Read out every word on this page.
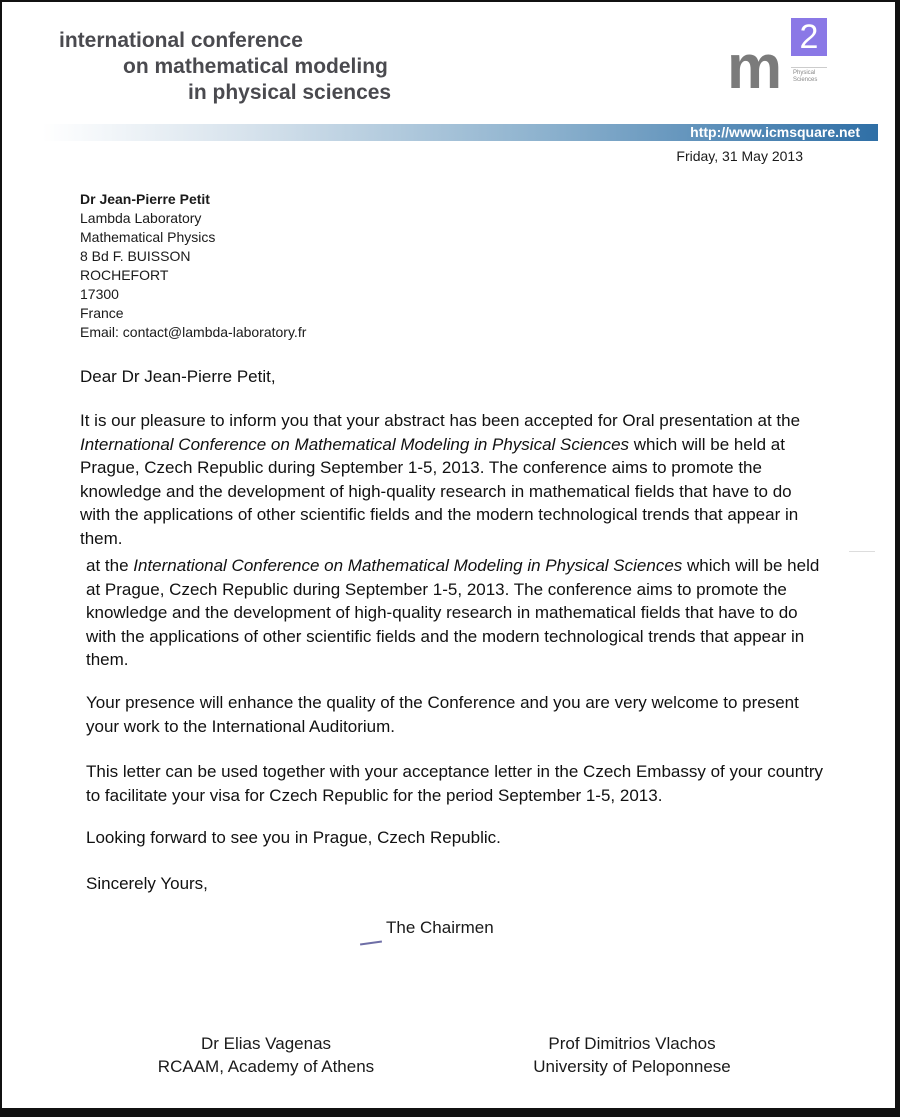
international conference
on mathematical modeling
in physical sciences	m 2
Physical
Sciences
http://www.icmsquare.net
Friday, 31 May 2013
Dr Jean-Pierre Petit
Lambda Laboratory
Mathematical Physics
8 Bd F. BUISSON
ROCHEFORT
17300
France
Email: contact@lambda-laboratory.fr
Dear Dr Jean-Pierre Petit,
It is our pleasure to inform you that your abstract has been accepted for Oral presentation at the International Conference on Mathematical Modeling in Physical Sciences which will be held at Prague, Czech Republic during September 1-5, 2013. The conference aims to promote the knowledge and the development of high-quality research in mathematical fields that have to do with the applications of other scientific fields and the modern technological trends that appear in them.
at the International Conference on Mathematical Modeling in Physical Sciences which will be held at Prague, Czech Republic during September 1-5, 2013. The conference aims to promote the knowledge and the development of high-quality research in mathematical fields that have to do with the applications of other scientific fields and the modern technological trends that appear in them.
Your presence will enhance the quality of the Conference and you are very welcome to present your work to the International Auditorium.
This letter can be used together with your acceptance letter in the Czech Embassy of your country to facilitate your visa for Czech Republic for the period September 1-5, 2013.
Looking forward to see you in Prague, Czech Republic.
Sincerely Yours,
The Chairmen
Dr Elias Vagenas
RCAAM, Academy of Athens
Prof Dimitrios Vlachos
University of Peloponnese
